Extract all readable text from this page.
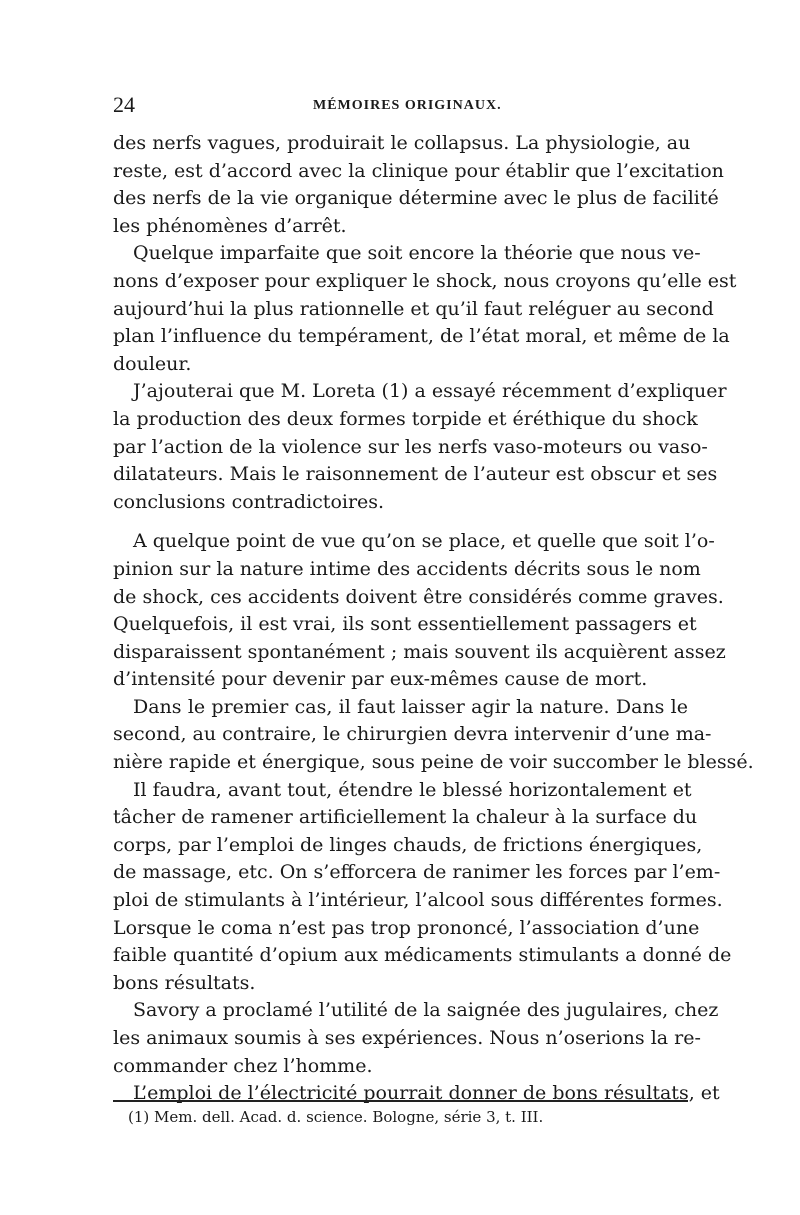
24	MÉMOIRES ORIGINAUX.
des nerfs vagues, produirait le collapsus. La physiologie, au
reste, est d’accord avec la clinique pour établir que l’excitation
des nerfs de la vie organique détermine avec le plus de facilité
les phénomènes d’arrêt.
Quelque imparfaite que soit encore la théorie que nous ve-
nons d’exposer pour expliquer le shock, nous croyons qu’elle est
aujourd’hui la plus rationnelle et qu’il faut reléguer au second
plan l’influence du tempérament, de l’état moral, et même de la
douleur.
J’ajouterai que M. Loreta (1) a essayé récemment d’expliquer
la production des deux formes torpide et éréthique du shock
par l’action de la violence sur les nerfs vaso-moteurs ou vaso-
dilatateurs. Mais le raisonnement de l’auteur est obscur et ses
conclusions contradictoires.
A quelque point de vue qu’on se place, et quelle que soit l’o-
pinion sur la nature intime des accidents décrits sous le nom
de shock, ces accidents doivent être considérés comme graves.
Quelquefois, il est vrai, ils sont essentiellement passagers et
disparaissent spontanément ; mais souvent ils acquièrent assez
d’intensité pour devenir par eux-mêmes cause de mort.
Dans le premier cas, il faut laisser agir la nature. Dans le
second, au contraire, le chirurgien devra intervenir d’une ma-
nière rapide et énergique, sous peine de voir succomber le blessé.
Il faudra, avant tout, étendre le blessé horizontalement et
tâcher de ramener artificiellement la chaleur à la surface du
corps, par l’emploi de linges chauds, de frictions énergiques,
de massage, etc. On s’efforcera de ranimer les forces par l’em-
ploi de stimulants à l’intérieur, l’alcool sous différentes formes.
Lorsque le coma n’est pas trop prononcé, l’association d’une
faible quantité d’opium aux médicaments stimulants a donné de
bons résultats.
Savory a proclamé l’utilité de la saignée des jugulaires, chez
les animaux soumis à ses expériences. Nous n’oserions la re-
commander chez l’homme.
L’emploi de l’électricité pourrait donner de bons résultats, et
(1) Mem. dell. Acad. d. science. Bologne, série 3, t. III.
